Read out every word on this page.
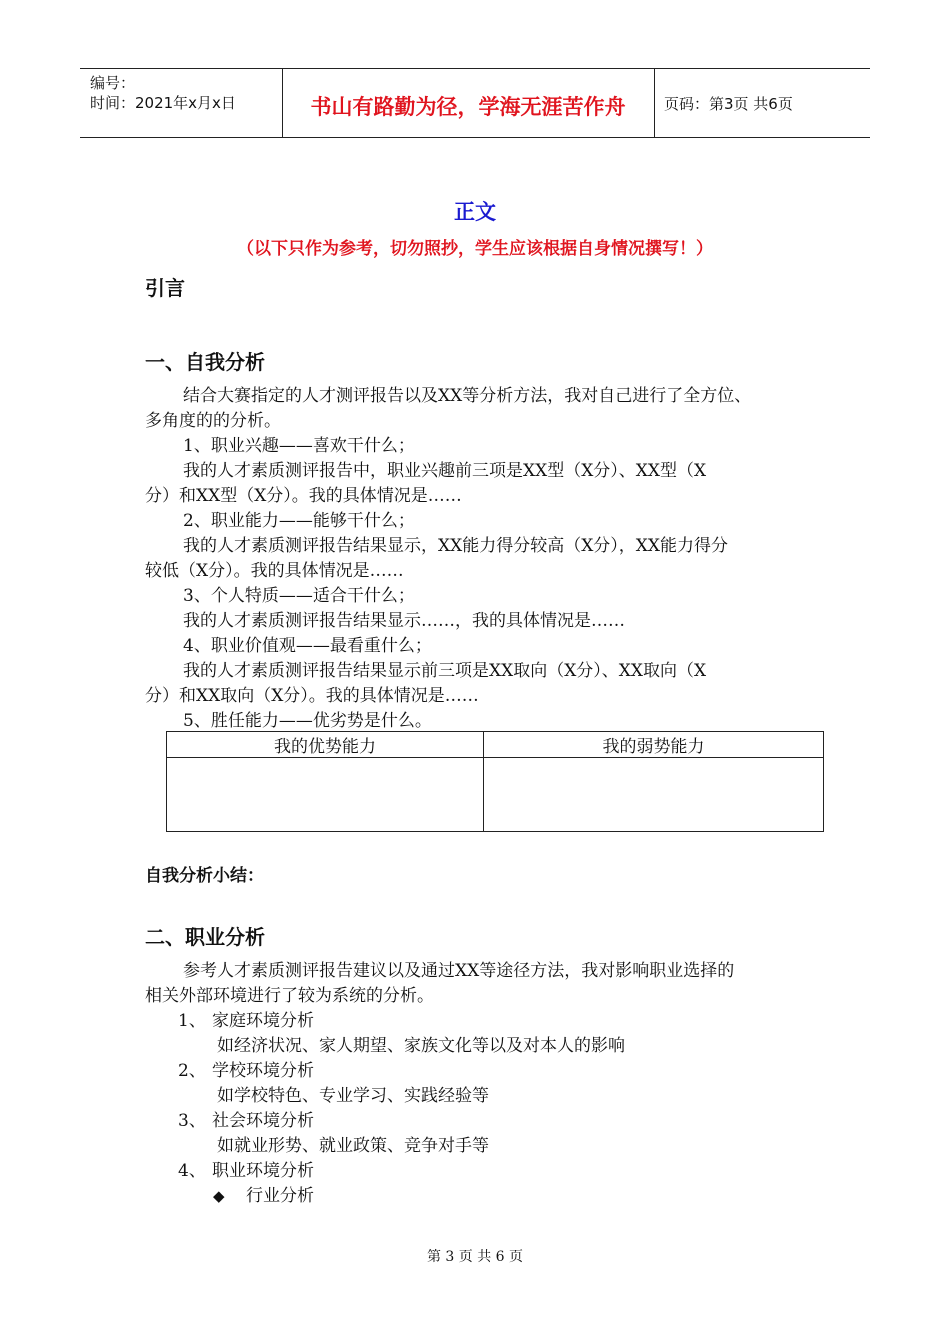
编号：
时间：2021年x月x日	书山有路勤为径，学海无涯苦作舟	页码：第3页 共6页
正文
（以下只作为参考，切勿照抄，学生应该根据自身情况撰写！）
引言
一、自我分析
结合大赛指定的人才测评报告以及XX等分析方法，我对自己进行了全方位、
多角度的的分析。
1、职业兴趣——喜欢干什么；
我的人才素质测评报告中，职业兴趣前三项是XX型（X分）、XX型（X
分）和XX型（X分）。我的具体情况是……
2、职业能力——能够干什么；
我的人才素质测评报告结果显示，XX能力得分较高（X分），XX能力得分
较低（X分）。我的具体情况是……
3、个人特质——适合干什么；
我的人才素质测评报告结果显示……，我的具体情况是……
4、职业价值观——最看重什么；
我的人才素质测评报告结果显示前三项是XX取向（X分）、XX取向（X
分）和XX取向（X分）。我的具体情况是……
5、胜任能力——优劣势是什么。
我的优势能力	我的弱势能力

自我分析小结：
二、职业分析
参考人才素质测评报告建议以及通过XX等途径方法，我对影响职业选择的
相关外部环境进行了较为系统的分析。
1、 家庭环境分析
如经济状况、家人期望、家族文化等以及对本人的影响
2、 学校环境分析
如学校特色、专业学习、实践经验等
3、 社会环境分析
如就业形势、就业政策、竞争对手等
4、 职业环境分析
◆ 行业分析
第 3 页 共 6 页
